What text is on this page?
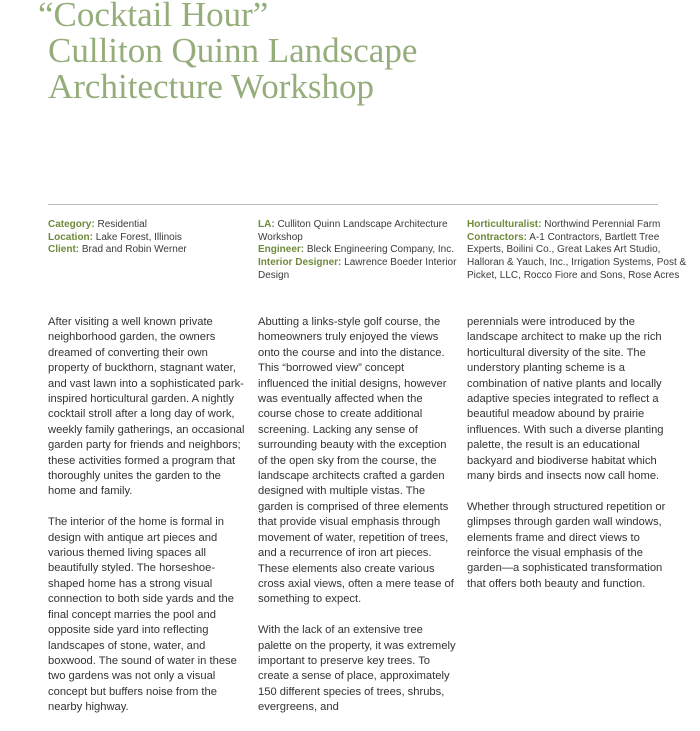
“Cocktail Hour”
Culliton Quinn Landscape
Architecture Workshop
Category: Residential
Location: Lake Forest, Illinois
Client: Brad and Robin Werner
LA: Culliton Quinn Landscape Architecture Workshop
Engineer: Bleck Engineering Company, Inc.
Interior Designer: Lawrence Boeder Interior Design
Horticulturalist: Northwind Perennial Farm
Contractors: A-1 Contractors, Bartlett Tree Experts, Boilini Co., Great Lakes Art Studio, Halloran & Yauch, Inc., Irrigation Systems, Post & Picket, LLC, Rocco Fiore and Sons, Rose Acres

After visiting a well known private neighborhood garden, the owners dreamed of converting their own property of buckthorn, stagnant water, and vast lawn into a sophisticated park-inspired horticultural garden. A nightly cocktail stroll after a long day of work, weekly family gatherings, an occasional garden party for friends and neighbors; these activities formed a program that thoroughly unites the garden to the home and family.

The interior of the home is formal in design with antique art pieces and various themed living spaces all beautifully styled. The horseshoe-shaped home has a strong visual connection to both side yards and the final concept marries the pool and opposite side yard into reflecting landscapes of stone, water, and boxwood. The sound of water in these two gardens was not only a visual concept but buffers noise from the nearby highway.

Abutting a links-style golf course, the homeowners truly enjoyed the views onto the course and into the distance. This “borrowed view” concept influenced the initial designs, however was eventually affected when the course chose to create additional screening. Lacking any sense of surrounding beauty with the exception of the open sky from the course, the landscape architects crafted a garden designed with multiple vistas. The garden is comprised of three elements that provide visual emphasis through movement of water, repetition of trees, and a recurrence of iron art pieces. These elements also create various cross axial views, often a mere tease of something to expect.

With the lack of an extensive tree palette on the property, it was extremely important to preserve key trees. To create a sense of place, approximately 150 different species of trees, shrubs, evergreens, and

perennials were introduced by the landscape architect to make up the rich horticultural diversity of the site. The understory planting scheme is a combination of native plants and locally adaptive species integrated to reflect a beautiful meadow abound by prairie influences. With such a diverse planting palette, the result is an educational backyard and biodiverse habitat which many birds and insects now call home.

Whether through structured repetition or glimpses through garden wall windows, elements frame and direct views to reinforce the visual emphasis of the garden—a sophisticated transformation that offers both beauty and function.
